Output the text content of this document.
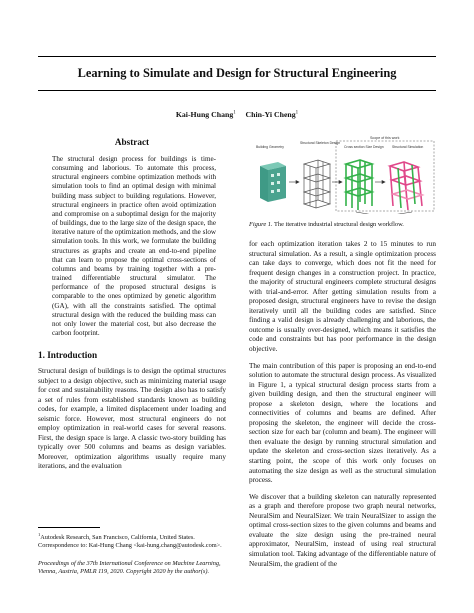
Learning to Simulate and Design for Structural Engineering
Kai-Hung Chang$^1$ Chin-Yi Cheng$^1$
Abstract
The structural design process for buildings is time-consuming and laborious. To automate this process, structural engineers combine optimization methods with simulation tools to find an optimal design with minimal building mass subject to building regulations. However, structural engineers in practice often avoid optimization and compromise on a suboptimal design for the majority of buildings, due to the large size of the design space, the iterative nature of the optimization methods, and the slow simulation tools. In this work, we formulate the building structures as graphs and create an end-to-end pipeline that can learn to propose the optimal cross-sections of columns and beams by training together with a pre-trained differentiable structural simulator. The performance of the proposed structural designs is comparable to the ones optimized by genetic algorithm (GA), with all the constraints satisfied. The optimal structural design with the reduced the building mass can not only lower the material cost, but also decrease the carbon footprint.
1. Introduction
Structural design of buildings is to design the optimal structures subject to a design objective, such as minimizing material usage for cost and sustainability reasons. The design also has to satisfy a set of rules from established standards known as building codes, for example, a limited displacement under loading and seismic force. However, most structural engineers do not employ optimization in real-world cases for several reasons. First, the design space is large. A classic two-story building has typically over 500 columns and beams as design variables. Moreover, optimization algorithms usually require many iterations, and the evaluation
$^1$Autodesk Research, San Francisco, California, United States. Correspondence to: Kai-Hung Chang <kai-hung.chang@autodesk.com>.
Proceedings of the 37th International Conference on Machine Learning, Vienna, Austria, PMLR 119, 2020. Copyright 2020 by the author(s).
Scope of this work
Building Geometry
Structural Skeleton Design
Cross section Size Design Structural Simulation
Figure 1. The iterative industrial structural design workflow.

for each optimization iteration takes 2 to 15 minutes to run structural simulation. As a result, a single optimization process can take days to converge, which does not fit the need for frequent design changes in a construction project. In practice, the majority of structural engineers complete structural designs with trial-and-error. After getting simulation results from a proposed design, structural engineers have to revise the design iteratively until all the building codes are satisfied. Since finding a valid design is already challenging and laborious, the outcome is usually over-designed, which means it satisfies the code and constraints but has poor performance in the design objective.

The main contribution of this paper is proposing an end-to-end solution to automate the structural design process. As visualized in Figure 1, a typical structural design process starts from a given building design, and then the structural engineer will propose a skeleton design, where the locations and connectivities of columns and beams are defined. After proposing the skeleton, the engineer will decide the cross-section size for each bar (column and beam). The engineer will then evaluate the design by running structural simulation and update the skeleton and cross-section sizes iteratively. As a starting point, the scope of this work only focuses on automating the size design as well as the structural simulation process.

We discover that a building skeleton can naturally represented as a graph and therefore propose two graph neural networks, NeuralSim and NeuralSizer. We train NeuralSizer to assign the optimal cross-section sizes to the given columns and beams and evaluate the size design using the pre-trained neural approximator, NeuralSim, instead of using real structural simulation tool. Taking advantage of the differentiable nature of NeuralSim, the gradient of the
